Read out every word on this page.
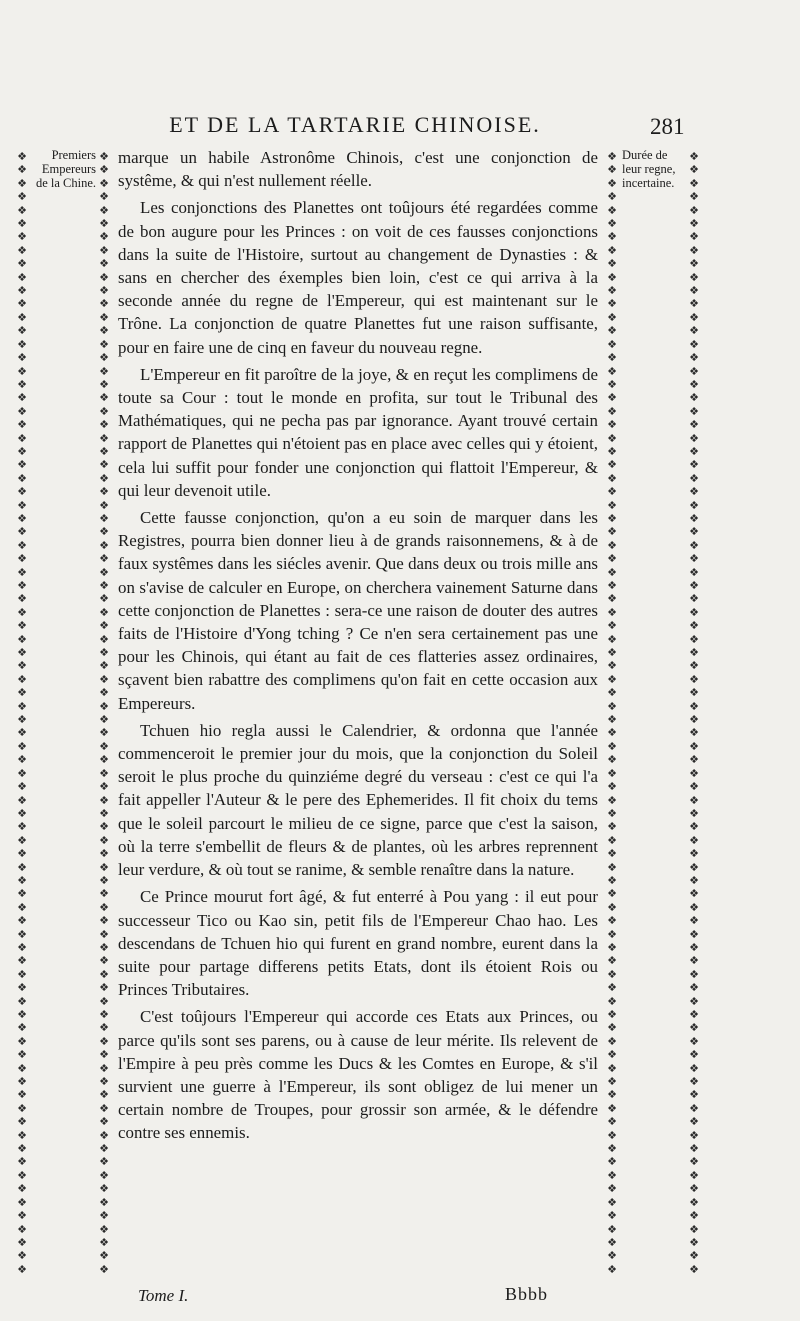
ET DE LA TARTARIE CHINOISE.	281
❖
❖
❖
❖
❖
❖
❖
❖
❖
❖
❖
❖
❖
❖
❖
❖
❖
❖
❖
❖
❖
❖
❖
❖
❖
❖
❖
❖
❖
❖
❖
❖
❖
❖
❖
❖
❖
❖
❖
❖
❖
❖
❖
❖
❖
❖
❖
❖
❖
❖
❖
❖
❖
❖
❖
❖
❖
❖
❖
❖
❖
❖
❖
❖
❖
❖
❖
❖
❖
❖
❖
❖
❖
❖
❖
❖
❖
❖
❖
❖
❖
❖
❖
❖
❖
❖
❖
❖
❖
❖
❖
❖
❖
❖
❖
❖
❖
❖
❖
❖
❖
❖
❖
❖
❖
❖
❖
❖
❖
❖
❖
❖
❖
❖
❖
❖
❖
❖
❖
❖
❖
❖
❖
❖
❖
❖
❖
❖
❖
❖
❖
❖
❖
❖
❖
❖
❖
❖
❖
❖
❖
❖
❖
❖
❖
❖
❖
❖
❖
❖
❖
❖
❖
❖
❖
❖
❖
❖
❖
❖
❖
❖
❖
❖
❖
❖
❖
❖
❖
❖
❖
❖
❖
❖
❖
❖
❖
❖
❖
❖
❖
❖
❖
❖
❖
❖
❖
❖
❖
❖
❖
❖
❖
❖
❖
❖
❖
❖
❖
❖
❖
❖
❖
❖
❖
❖
❖
❖
❖
❖
❖
❖
❖
❖
❖
❖
❖
❖
❖
❖
❖
❖
❖
❖
❖
❖
❖
❖
❖
❖
❖
❖
❖
❖
❖
❖
❖
❖
❖
❖
❖
❖
❖
❖
❖
❖
❖
❖
❖
❖
❖
❖
❖
❖
❖
❖
❖
❖
❖
❖
❖
❖
❖
❖
❖
❖
❖
❖
❖
❖
❖
❖
❖
❖
❖
❖
❖
❖
❖
❖
❖
❖
❖
❖
❖
❖
❖
❖
❖
❖
❖
❖
❖
❖
❖
❖
❖
❖
❖
❖
❖
❖
❖
❖
❖
❖
❖
❖
❖
❖
❖
❖
❖
❖
❖
❖
❖
❖
❖
❖
❖
❖
❖
❖
❖
❖
❖
❖
❖
❖
❖
❖
❖
❖
❖
❖
Premiers Empereurs de la Chine.
Durée de leur regne, incertaine.

marque un habile Astronôme Chinois, c'est une conjonction de systême, & qui n'est nullement réelle.

Les conjonctions des Planettes ont toûjours été regardées comme de bon augure pour les Princes : on voit de ces fausses conjonctions dans la suite de l'Histoire, surtout au changement de Dynasties : & sans en chercher des éxemples bien loin, c'est ce qui arriva à la seconde année du regne de l'Empereur, qui est maintenant sur le Trône. La conjonction de quatre Planettes fut une raison suffisante, pour en faire une de cinq en faveur du nouveau regne.

L'Empereur en fit paroître de la joye, & en reçut les complimens de toute sa Cour : tout le monde en profita, sur tout le Tribunal des Mathématiques, qui ne pecha pas par ignorance. Ayant trouvé certain rapport de Planettes qui n'étoient pas en place avec celles qui y étoient, cela lui suffit pour fonder une conjonction qui flattoit l'Empereur, & qui leur devenoit utile.

Cette fausse conjonction, qu'on a eu soin de marquer dans les Registres, pourra bien donner lieu à de grands raisonnemens, & à de faux systêmes dans les siécles avenir. Que dans deux ou trois mille ans on s'avise de calculer en Europe, on cherchera vainement Saturne dans cette conjonction de Planettes : sera-ce une raison de douter des autres faits de l'Histoire d'Yong tching ? Ce n'en sera certainement pas une pour les Chinois, qui étant au fait de ces flatteries assez ordinaires, sçavent bien rabattre des complimens qu'on fait en cette occasion aux Empereurs.

Tchuen hio regla aussi le Calendrier, & ordonna que l'année commenceroit le premier jour du mois, que la conjonction du Soleil seroit le plus proche du quinziéme degré du verseau : c'est ce qui l'a fait appeller l'Auteur & le pere des Ephemerides. Il fit choix du tems que le soleil parcourt le milieu de ce signe, parce que c'est la saison, où la terre s'embellit de fleurs & de plantes, où les arbres reprennent leur verdure, & où tout se ranime, & semble renaître dans la nature.

Ce Prince mourut fort âgé, & fut enterré à Pou yang : il eut pour successeur Tico ou Kao sin, petit fils de l'Empereur Chao hao. Les descendans de Tchuen hio qui furent en grand nombre, eurent dans la suite pour partage differens petits Etats, dont ils étoient Rois ou Princes Tributaires.

C'est toûjours l'Empereur qui accorde ces Etats aux Princes, ou parce qu'ils sont ses parens, ou à cause de leur mérite. Ils relevent de l'Empire à peu près comme les Ducs & les Comtes en Europe, & s'il survient une guerre à l'Empereur, ils sont obligez de lui mener un certain nombre de Troupes, pour grossir son armée, & le défendre contre ses ennemis.

Tome I.	Bbbb
